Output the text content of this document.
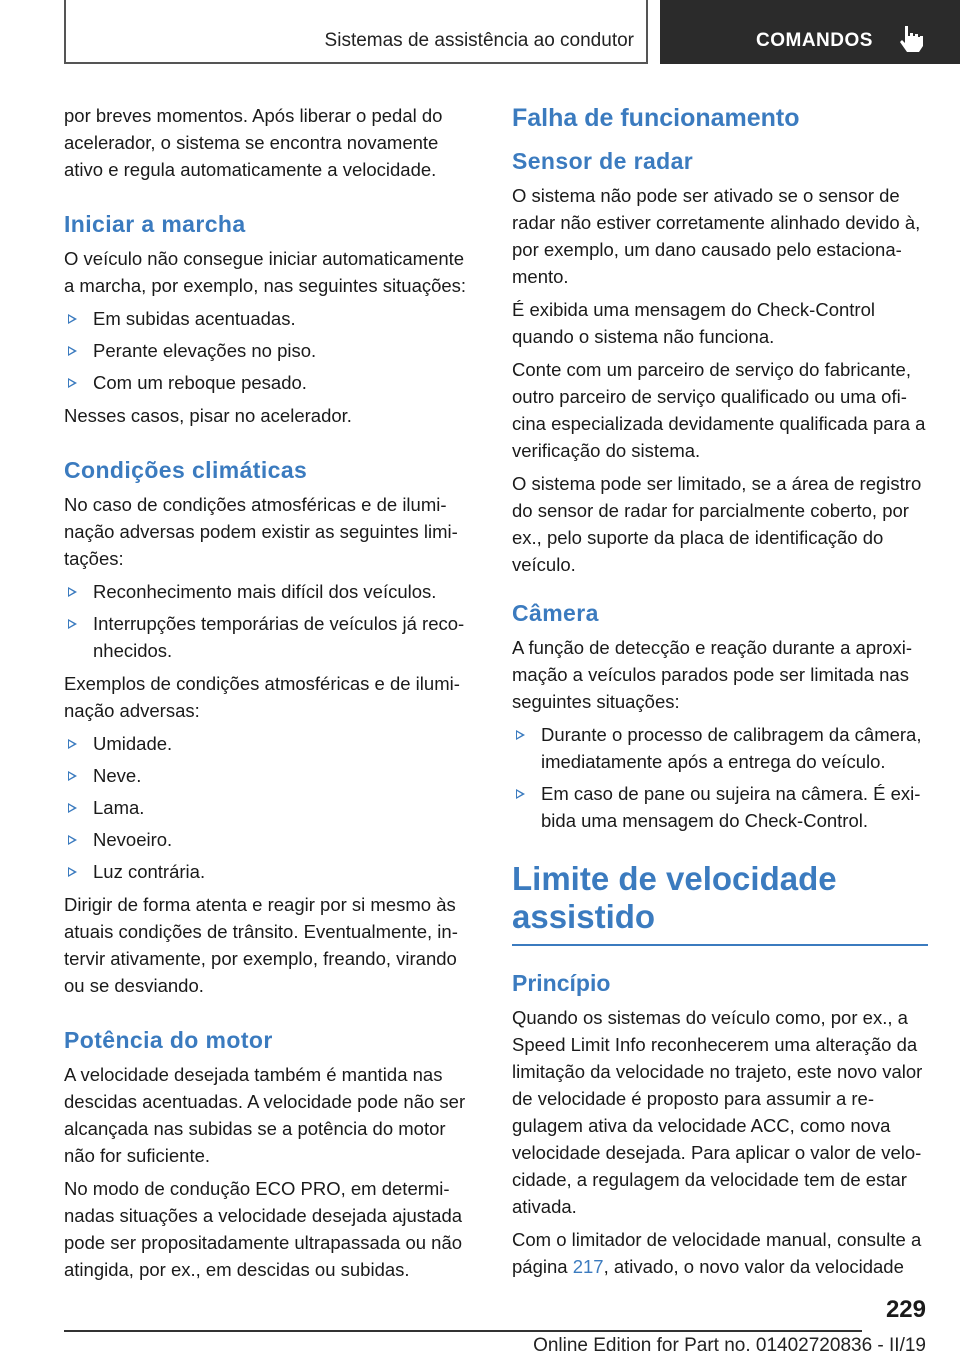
Sistemas de assistência ao condutor	COMANDOS

por breves momentos. Após liberar o pedal do acelerador, o sistema se encontra novamente ativo e regula automaticamente a velocidade.

Iniciar a marcha

O veículo não consegue iniciar automaticamente a marcha, por exemplo, nas seguintes situações:

Em subidas acentuadas.
Perante elevações no piso.
Com um reboque pesado.

Nesses casos, pisar no acelerador.

Condições climáticas

No caso de condições atmosféricas e de iluminação adversas podem existir as seguintes limitações:

Reconhecimento mais difícil dos veículos.
Interrupções temporárias de veículos já reconhecidos.

Exemplos de condições atmosféricas e de iluminação adversas:

Umidade.
Neve.
Lama.
Nevoeiro.
Luz contrária.

Dirigir de forma atenta e reagir por si mesmo às atuais condições de trânsito. Eventualmente, intervir ativamente, por exemplo, freando, virando ou se desviando.

Potência do motor

A velocidade desejada também é mantida nas descidas acentuadas. A velocidade pode não ser alcançada nas subidas se a potência do motor não for suficiente.

No modo de condução ECO PRO, em determinadas situações a velocidade desejada ajustada pode ser propositadamente ultrapassada ou não atingida, por ex., em descidas ou subidas.

Falha de funcionamento
Sensor de radar

O sistema não pode ser ativado se o sensor de radar não estiver corretamente alinhado devido à, por exemplo, um dano causado pelo estacionamento.

É exibida uma mensagem do Check-Control quando o sistema não funciona.

Conte com um parceiro de serviço do fabricante, outro parceiro de serviço qualificado ou uma oficina especializada devidamente qualificada para a verificação do sistema.

O sistema pode ser limitado, se a área de registro do sensor de radar for parcialmente coberto, por ex., pelo suporte da placa de identificação do veículo.

Câmera

A função de detecção e reação durante a aproximação a veículos parados pode ser limitada nas seguintes situações:

Durante o processo de calibragem da câmera, imediatamente após a entrega do veículo.
Em caso de pane ou sujeira na câmera. É exibida uma mensagem do Check-Control.
Limite de velocidade assistido
Princípio

Quando os sistemas do veículo como, por ex., a Speed Limit Info reconhecerem uma alteração da limitação da velocidade no trajeto, este novo valor de velocidade é proposto para assumir a regulagem ativa da velocidade ACC, como nova velocidade desejada. Para aplicar o valor de velocidade, a regulagem da velocidade tem de estar ativada.

Com o limitador de velocidade manual, consulte a página 217, ativado, o novo valor da velocidade

229
Online Edition for Part no. 01402720836 - II/19
